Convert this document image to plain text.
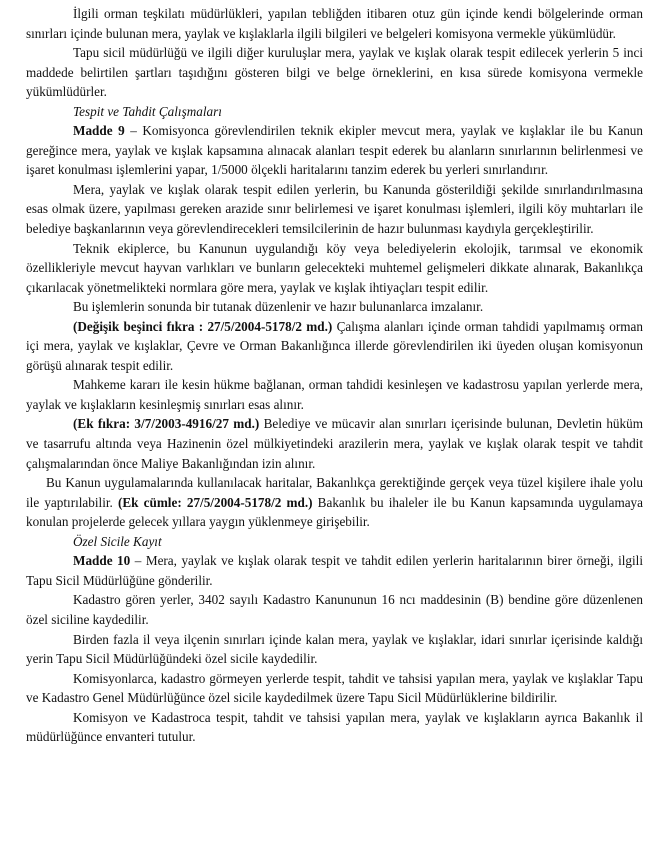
İlgili orman teşkilatı müdürlükleri, yapılan tebliğden itibaren otuz gün içinde kendi bölgelerinde orman sınırları içinde bulunan mera, yaylak ve kışlaklarla ilgili bilgileri ve belgeleri komisyona vermekle yükümlüdür.

Tapu sicil müdürlüğü ve ilgili diğer kuruluşlar mera, yaylak ve kışlak olarak tespit edilecek yerlerin 5 inci maddede belirtilen şartları taşıdığını gösteren bilgi ve belge örneklerini, en kısa sürede komisyona vermekle yükümlüdürler.

Tespit ve Tahdit Çalışmaları

Madde 9 – Komisyonca görevlendirilen teknik ekipler mevcut mera, yaylak ve kışlaklar ile bu Kanun gereğince mera, yaylak ve kışlak kapsamına alınacak alanları tespit ederek bu alanların sınırlarının belirlenmesi ve işaret konulması işlemlerini yapar, 1/5000 ölçekli haritalarını tanzim ederek bu yerleri sınırlandırır.

Mera, yaylak ve kışlak olarak tespit edilen yerlerin, bu Kanunda gösterildiği şekilde sınırlandırılmasına esas olmak üzere, yapılması gereken arazide sınır belirlemesi ve işaret konulması işlemleri, ilgili köy muhtarları ile belediye başkanlarının veya görevlendirecekleri temsilcilerinin de hazır bulunması kaydıyla gerçekleştirilir.

Teknik ekiplerce, bu Kanunun uygulandığı köy veya belediyelerin ekolojik, tarımsal ve ekonomik özellikleriyle mevcut hayvan varlıkları ve bunların gelecekteki muhtemel gelişmeleri dikkate alınarak, Bakanlıkça çıkarılacak yönetmelikteki normlara göre mera, yaylak ve kışlak ihtiyaçları tespit edilir.

Bu işlemlerin sonunda bir tutanak düzenlenir ve hazır bulunanlarca imzalanır.

(Değişik beşinci fıkra : 27/5/2004-5178/2 md.) Çalışma alanları içinde orman tahdidi yapılmamış orman içi mera, yaylak ve kışlaklar, Çevre ve Orman Bakanlığınca illerde görevlendirilen iki üyeden oluşan komisyonun görüşü alınarak tespit edilir.

Mahkeme kararı ile kesin hükme bağlanan, orman tahdidi kesinleşen ve kadastrosu yapılan yerlerde mera, yaylak ve kışlakların kesinleşmiş sınırları esas alınır.

(Ek fıkra: 3/7/2003-4916/27 md.) Belediye ve mücavir alan sınırları içerisinde bulunan, Devletin hüküm ve tasarrufu altında veya Hazinenin özel mülkiyetindeki arazilerin mera, yaylak ve kışlak olarak tespit ve tahdit çalışmalarından önce Maliye Bakanlığından izin alınır.

Bu Kanun uygulamalarında kullanılacak haritalar, Bakanlıkça gerektiğinde gerçek veya tüzel kişilere ihale yolu ile yaptırılabilir. (Ek cümle: 27/5/2004-5178/2 md.) Bakanlık bu ihaleler ile bu Kanun kapsamında uygulamaya konulan projelerde gelecek yıllara yaygın yüklenmeye girişebilir.

Özel Sicile Kayıt

Madde 10 – Mera, yaylak ve kışlak olarak tespit ve tahdit edilen yerlerin haritalarının birer örneği, ilgili Tapu Sicil Müdürlüğüne gönderilir.

Kadastro gören yerler, 3402 sayılı Kadastro Kanununun 16 ncı maddesinin (B) bendine göre düzenlenen özel siciline kaydedilir.

Birden fazla il veya ilçenin sınırları içinde kalan mera, yaylak ve kışlaklar, idari sınırlar içerisinde kaldığı yerin Tapu Sicil Müdürlüğündeki özel sicile kaydedilir.

Komisyonlarca, kadastro görmeyen yerlerde tespit, tahdit ve tahsisi yapılan mera, yaylak ve kışlaklar Tapu ve Kadastro Genel Müdürlüğünce özel sicile kaydedilmek üzere Tapu Sicil Müdürlüklerine bildirilir.

Komisyon ve Kadastroca tespit, tahdit ve tahsisi yapılan mera, yaylak ve kışlakların ayrıca Bakanlık il müdürlüğünce envanteri tutulur.
